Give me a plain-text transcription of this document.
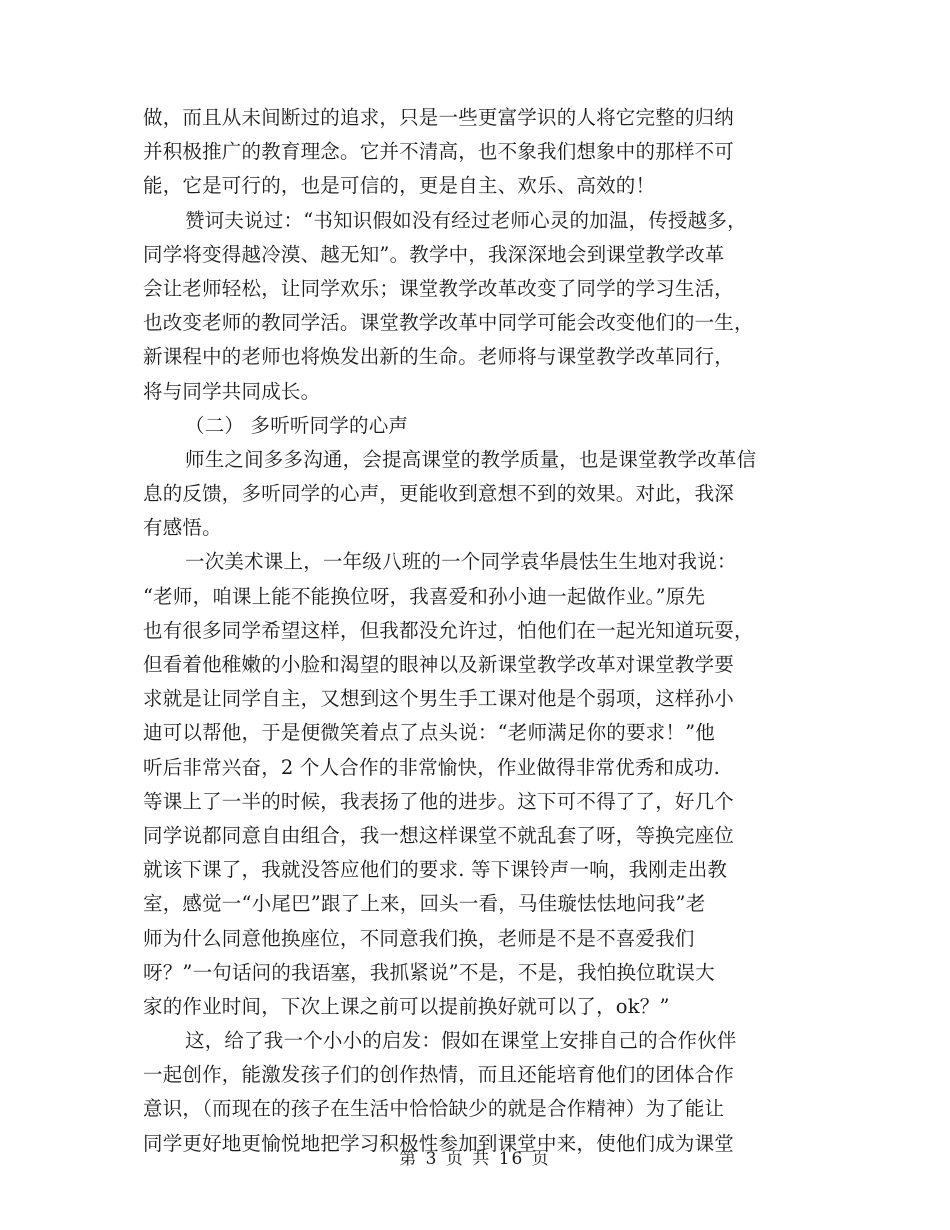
做，而且从未间断过的追求，只是一些更富学识的人将它完整的归纳
并积极推广的教育理念。它并不清高，也不象我们想象中的那样不可
能，它是可行的，也是可信的，更是自主、欢乐、高效的！
赞诃夫说过：“书知识假如没有经过老师心灵的加温，传授越多，
同学将变得越冷漠、越无知”。教学中，我深深地会到课堂教学改革
会让老师轻松，让同学欢乐；课堂教学改革改变了同学的学习生活，
也改变老师的教同学活。课堂教学改革中同学可能会改变他们的一生，
新课程中的老师也将焕发出新的生命。老师将与课堂教学改革同行，
将与同学共同成长。
（二） 多听听同学的心声
师生之间多多沟通，会提高课堂的教学质量，也是课堂教学改革信
息的反馈，多听同学的心声，更能收到意想不到的效果。对此，我深
有感悟。
一次美术课上，一年级八班的一个同学袁华晨怯生生地对我说：
“老师，咱课上能不能换位呀，我喜爱和孙小迪一起做作业。”原先
也有很多同学希望这样，但我都没允许过，怕他们在一起光知道玩耍，
但看着他稚嫩的小脸和渴望的眼神以及新课堂教学改革对课堂教学要
求就是让同学自主，又想到这个男生手工课对他是个弱项，这样孙小
迪可以帮他，于是便微笑着点了点头说：“老师满足你的要求！”他
听后非常兴奋，2 个人合作的非常愉快，作业做得非常优秀和成功.
等课上了一半的时候，我表扬了他的进步。这下可不得了了，好几个
同学说都同意自由组合，我一想这样课堂不就乱套了呀，等换完座位
就该下课了，我就没答应他们的要求. 等下课铃声一响，我刚走出教
室，感觉一“小尾巴”跟了上来，回头一看，马佳璇怯怯地问我”老
师为什么同意他换座位，不同意我们换，老师是不是不喜爱我们
呀？”一句话问的我语塞，我抓紧说”不是，不是，我怕换位耽误大
家的作业时间，下次上课之前可以提前换好就可以了，ok？”
这，给了我一个小小的启发：假如在课堂上安排自己的合作伙伴
一起创作，能激发孩子们的创作热情，而且还能培育他们的团体合作
意识，（而现在的孩子在生活中恰恰缺少的就是合作精神）为了能让
同学更好地更愉悦地把学习积极性参加到课堂中来，使他们成为课堂
第 3 页 共 16 页
